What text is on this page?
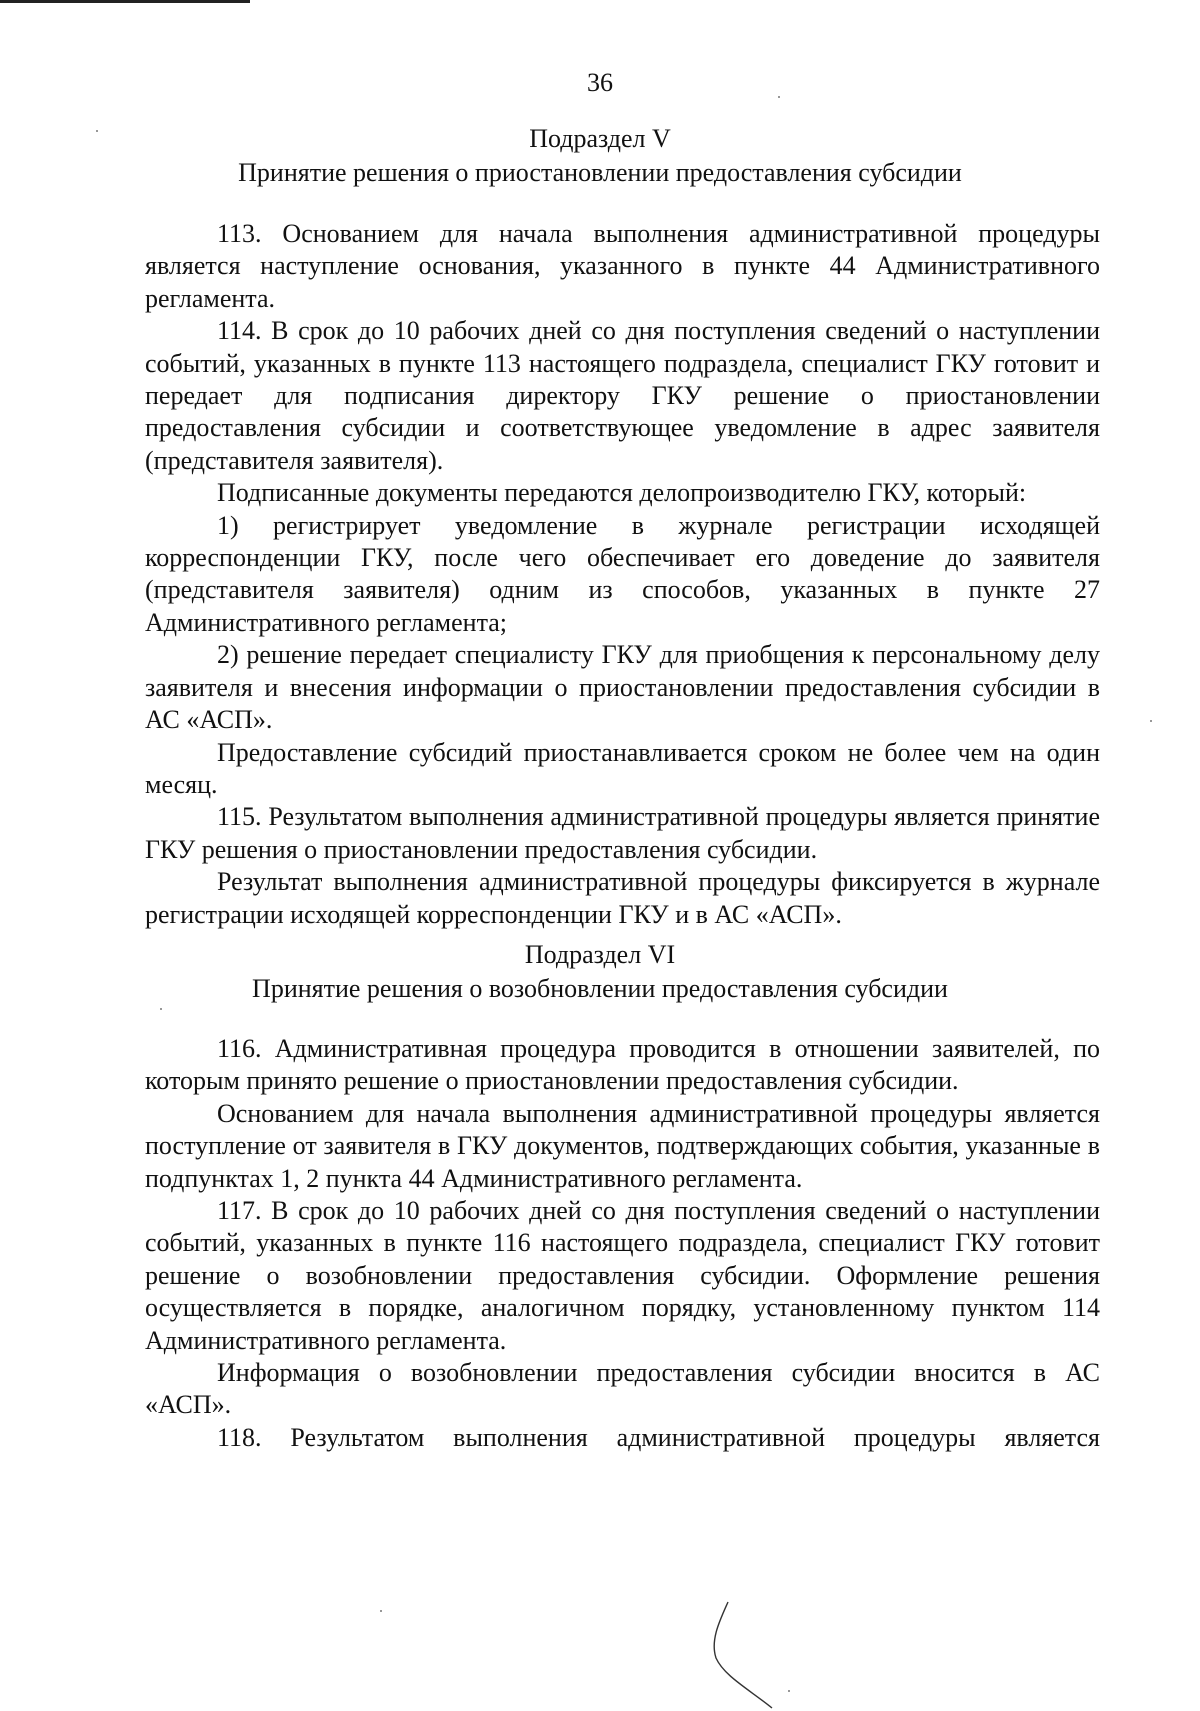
36
Подраздел V
Принятие решения о приостановлении предоставления субсидии

113. Основанием для начала выполнения административной процедуры является наступление основания, указанного в пункте 44 Административного регламента.

114. В срок до 10 рабочих дней со дня поступления сведений о наступлении событий, указанных в пункте 113 настоящего подраздела, специалист ГКУ готовит и передает для подписания директору ГКУ решение о приостановлении предоставления субсидии и соответствующее уведомление в адрес заявителя (представителя заявителя).

Подписанные документы передаются делопроизводителю ГКУ, который:

1) регистрирует уведомление в журнале регистрации исходящей корреспонденции ГКУ, после чего обеспечивает его доведение до заявителя (представителя заявителя) одним из способов, указанных в пункте 27 Административного регламента;

2) решение передает специалисту ГКУ для приобщения к персональному делу заявителя и внесения информации о приостановлении предоставления субсидии в АС «АСП».

Предоставление субсидий приостанавливается сроком не более чем на один месяц.

115. Результатом выполнения административной процедуры является принятие ГКУ решения о приостановлении предоставления субсидии.

Результат выполнения административной процедуры фиксируется в журнале регистрации исходящей корреспонденции ГКУ и в АС «АСП».

Подраздел VI
Принятие решения о возобновлении предоставления субсидии

116. Административная процедура проводится в отношении заявителей, по которым принято решение о приостановлении предоставления субсидии.

Основанием для начала выполнения административной процедуры является поступление от заявителя в ГКУ документов, подтверждающих события, указанные в подпунктах 1, 2 пункта 44 Административного регламента.

117. В срок до 10 рабочих дней со дня поступления сведений о наступлении событий, указанных в пункте 116 настоящего подраздела, специалист ГКУ готовит решение о возобновлении предоставления субсидии. Оформление решения осуществляется в порядке, аналогичном порядку, установленному пунктом 114 Административного регламента.

Информация о возобновлении предоставления субсидии вносится в АС «АСП».

118. Результатом выполнения административной процедуры является
